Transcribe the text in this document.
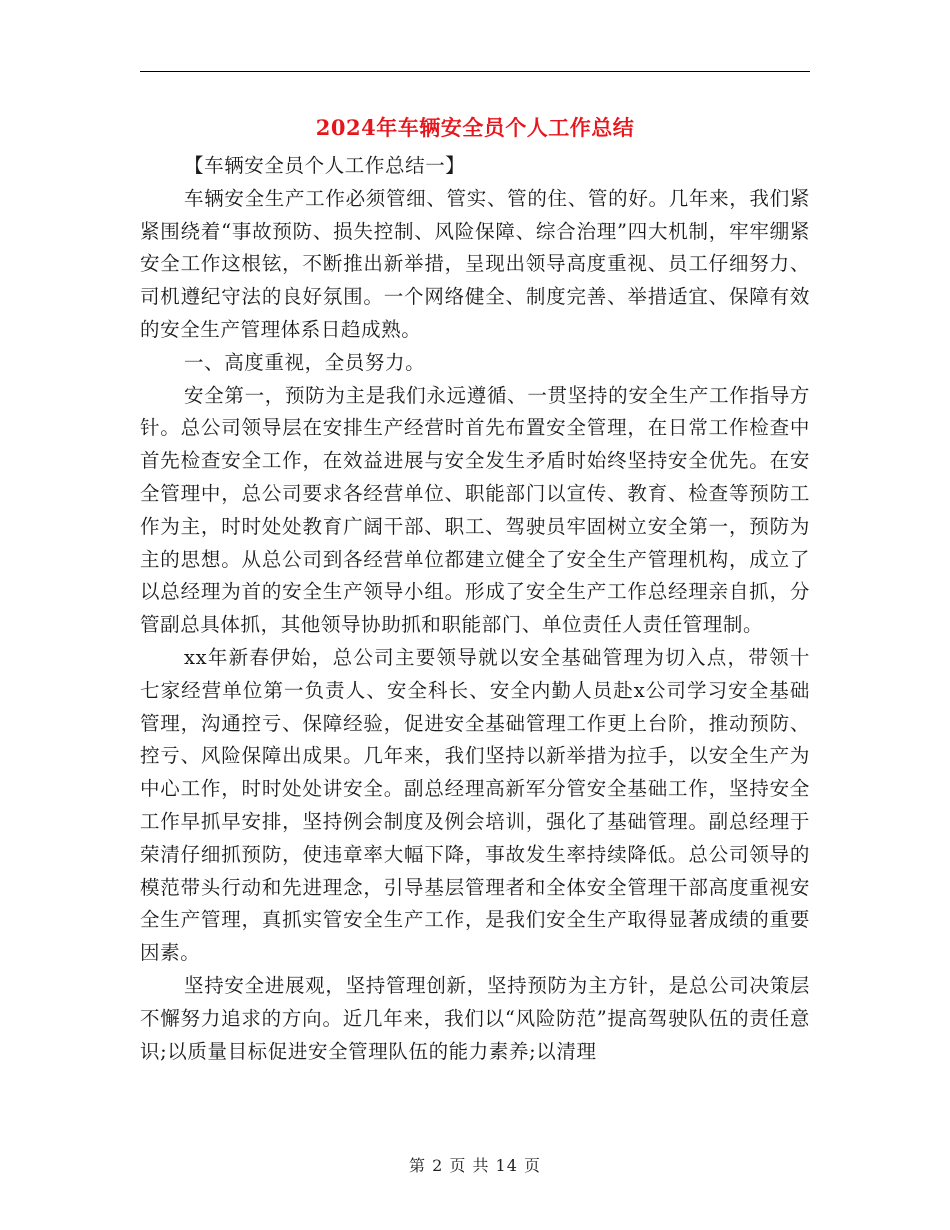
2024年车辆安全员个人工作总结

【车辆安全员个人工作总结一】

车辆安全生产工作必须管细、管实、管的住、管的好。几年来，我们紧紧围绕着“事故预防、损失控制、风险保障、综合治理”四大机制，牢牢绷紧安全工作这根铉，不断推出新举措，呈现出领导高度重视、员工仔细努力、司机遵纪守法的良好氛围。一个网络健全、制度完善、举措适宜、保障有效的安全生产管理体系日趋成熟。

一、高度重视，全员努力。

安全第一，预防为主是我们永远遵循、一贯坚持的安全生产工作指导方针。总公司领导层在安排生产经营时首先布置安全管理，在日常工作检查中首先检查安全工作，在效益进展与安全发生矛盾时始终坚持安全优先。在安全管理中，总公司要求各经营单位、职能部门以宣传、教育、检查等预防工作为主，时时处处教育广阔干部、职工、驾驶员牢固树立安全第一，预防为主的思想。从总公司到各经营单位都建立健全了安全生产管理机构，成立了以总经理为首的安全生产领导小组。形成了安全生产工作总经理亲自抓，分管副总具体抓，其他领导协助抓和职能部门、单位责任人责任管理制。

xx年新春伊始，总公司主要领导就以安全基础管理为切入点，带领十七家经营单位第一负责人、安全科长、安全内勤人员赴x公司学习安全基础管理，沟通控亏、保障经验，促进安全基础管理工作更上台阶，推动预防、控亏、风险保障出成果。几年来，我们坚持以新举措为拉手，以安全生产为中心工作，时时处处讲安全。副总经理高新军分管安全基础工作，坚持安全工作早抓早安排，坚持例会制度及例会培训，强化了基础管理。副总经理于荣清仔细抓预防，使违章率大幅下降，事故发生率持续降低。总公司领导的模范带头行动和先进理念，引导基层管理者和全体安全管理干部高度重视安全生产管理，真抓实管安全生产工作，是我们安全生产取得显著成绩的重要因素。

坚持安全进展观，坚持管理创新，坚持预防为主方针，是总公司决策层不懈努力追求的方向。近几年来，我们以“风险防范”提高驾驶队伍的责任意识;以质量目标促进安全管理队伍的能力素养;以清理

第 2 页 共 14 页
